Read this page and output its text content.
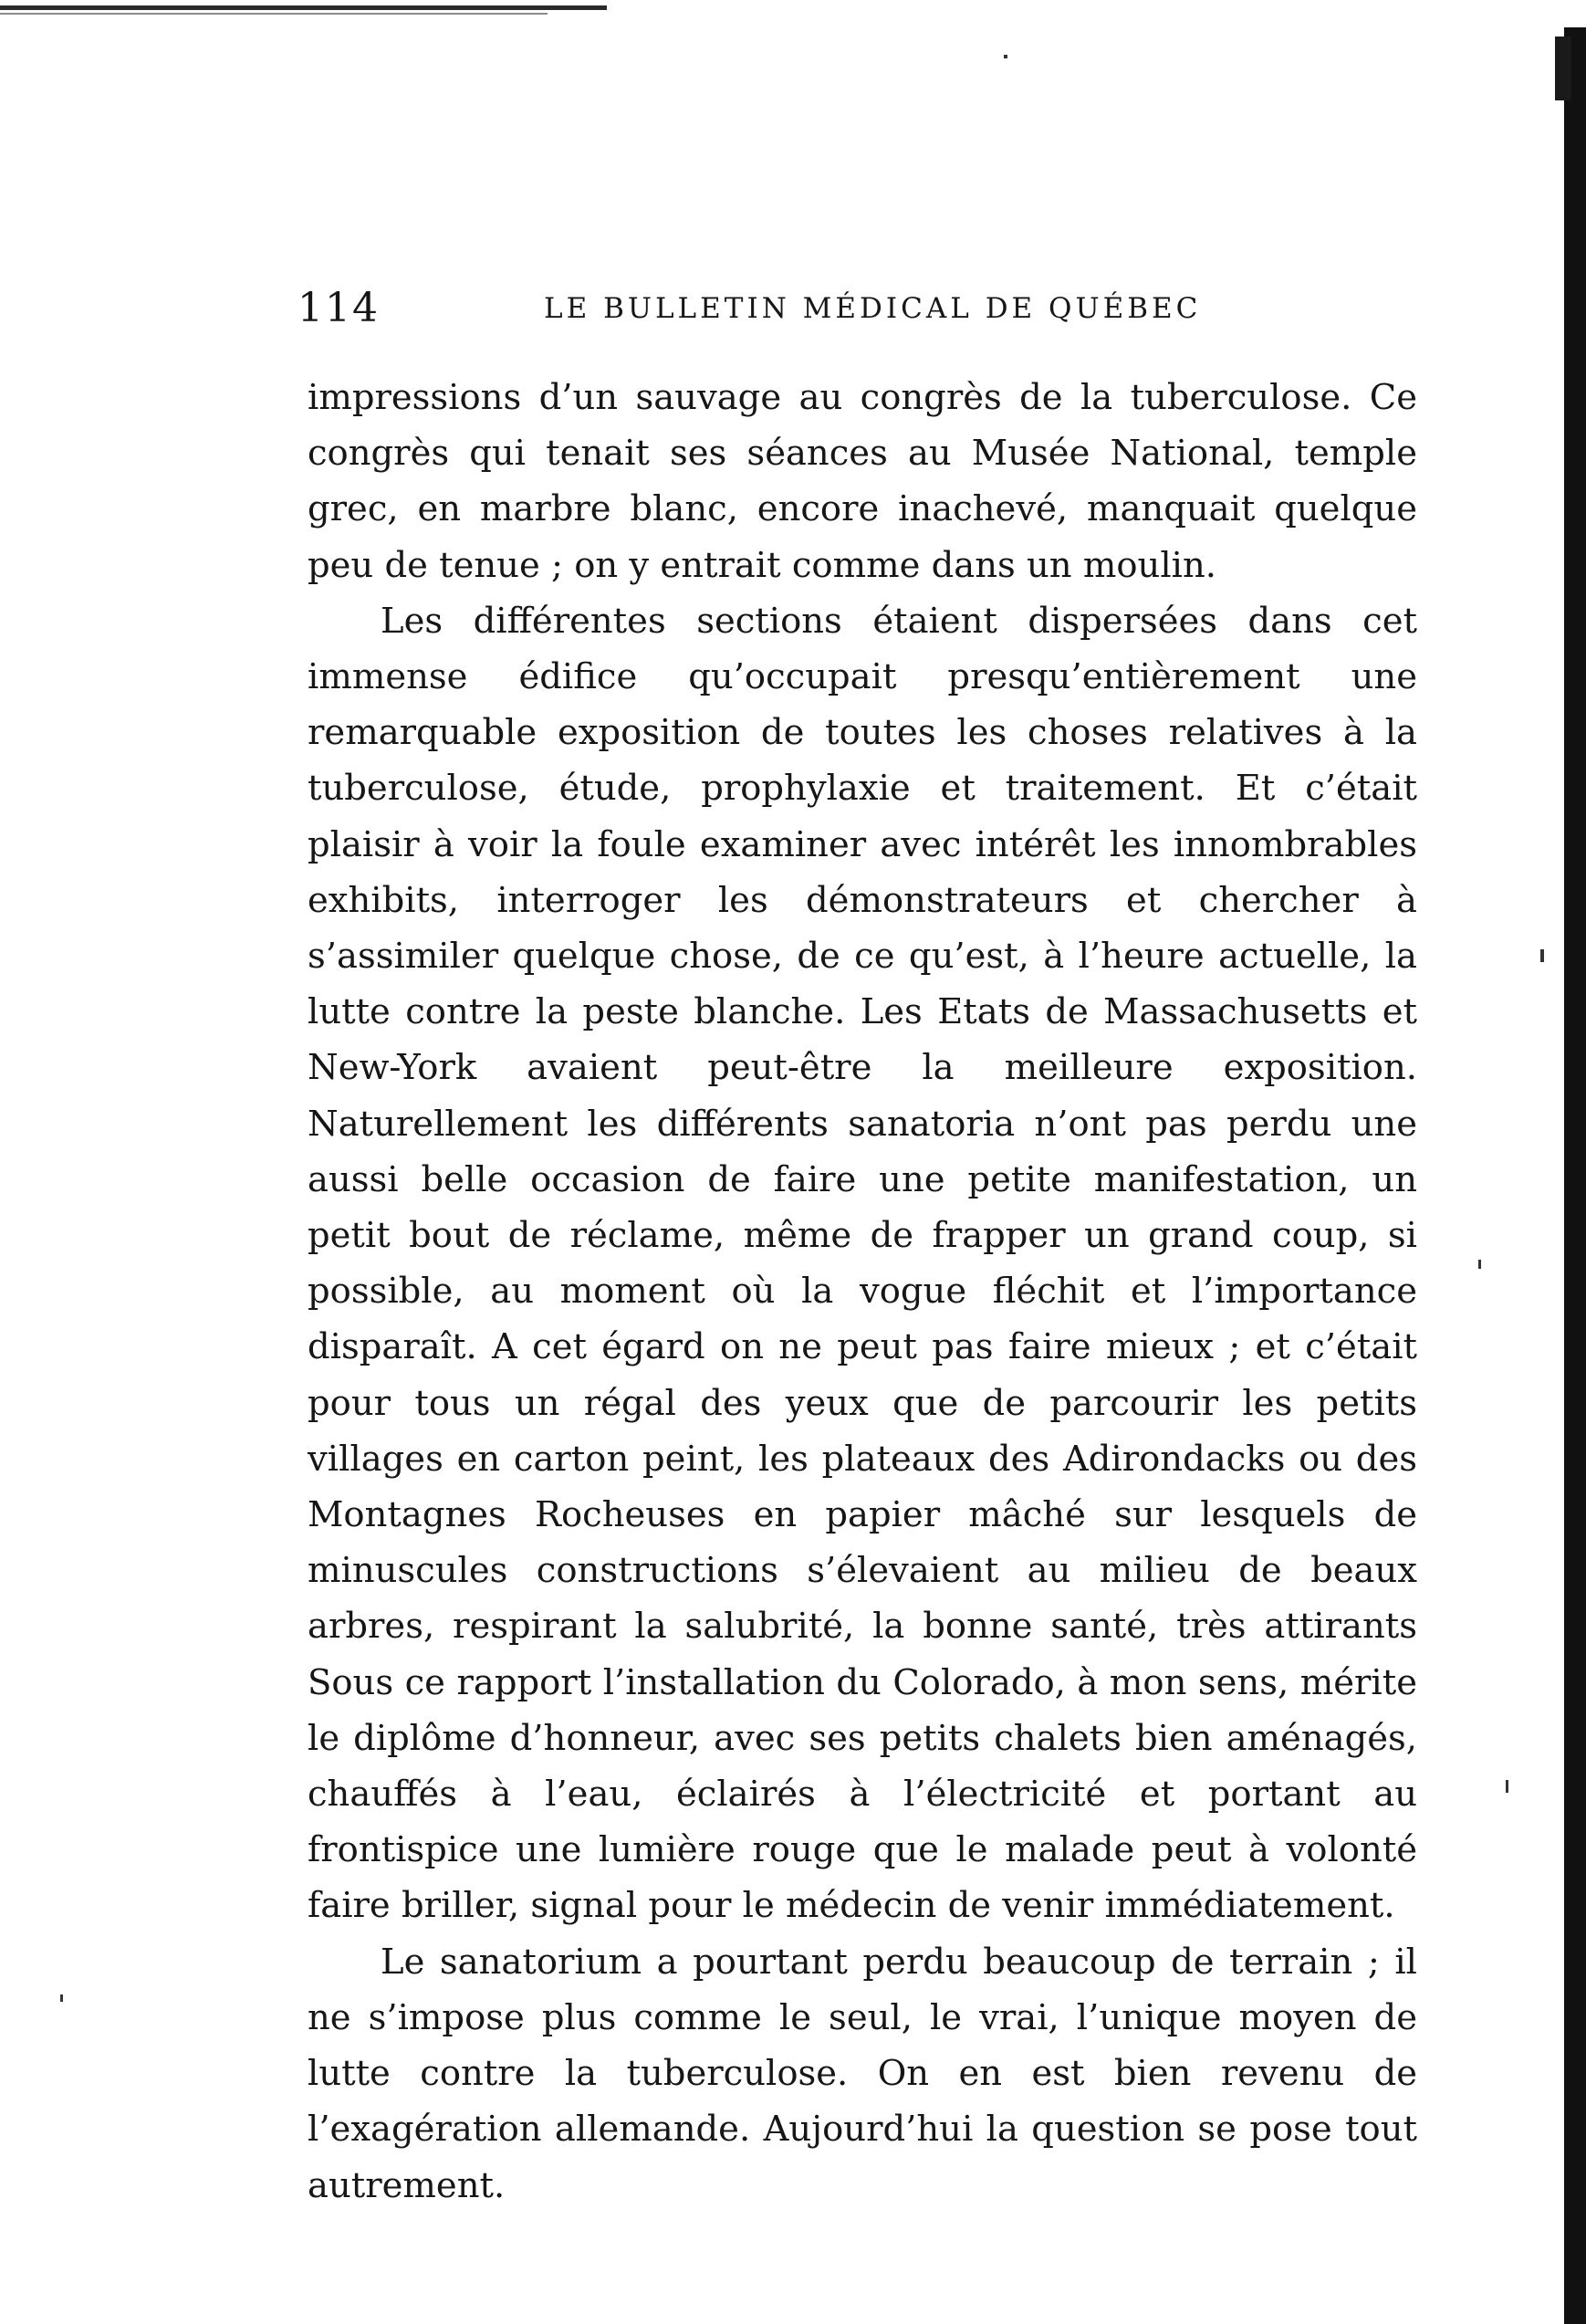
114	LE BULLETIN MÉDICAL DE QUÉBEC

impressions d’un sauvage au congrès de la tuberculose. Ce congrès qui tenait ses séances au Musée National, temple grec, en marbre blanc, encore inachevé, manquait quelque peu de tenue ; on y entrait comme dans un moulin.

Les différentes sections étaient dispersées dans cet immense édifice qu’occupait presqu’entièrement une remarquable exposition de toutes les choses relatives à la tuberculose, étude, prophylaxie et traitement. Et c’était plaisir à voir la foule examiner avec intérêt les innombrables exhibits, interroger les démonstrateurs et chercher à s’assimiler quelque chose, de ce qu’est, à l’heure actuelle, la lutte contre la peste blanche. Les Etats de Massachusetts et New-York avaient peut-être la meilleure exposition. Naturellement les différents sanatoria n’ont pas perdu une aussi belle occasion de faire une petite manifestation, un petit bout de réclame, même de frapper un grand coup, si possible, au moment où la vogue fléchit et l’importance disparaît. A cet égard on ne peut pas faire mieux ; et c’était pour tous un régal des yeux que de parcourir les petits villages en carton peint, les plateaux des Adirondacks ou des Montagnes Rocheuses en papier mâché sur lesquels de minuscules constructions s’élevaient au milieu de beaux arbres, respirant la salubrité, la bonne santé, très attirants Sous ce rapport l’installation du Colorado, à mon sens, mérite le diplôme d’honneur, avec ses petits chalets bien aménagés, chauffés à l’eau, éclairés à l’électricité et portant au frontispice une lumière rouge que le malade peut à volonté faire briller, signal pour le médecin de venir immédiatement.

Le sanatorium a pourtant perdu beaucoup de terrain ; il ne s’impose plus comme le seul, le vrai, l’unique moyen de lutte contre la tuberculose. On en est bien revenu de l’exagération allemande. Aujourd’hui la question se pose tout autrement.
